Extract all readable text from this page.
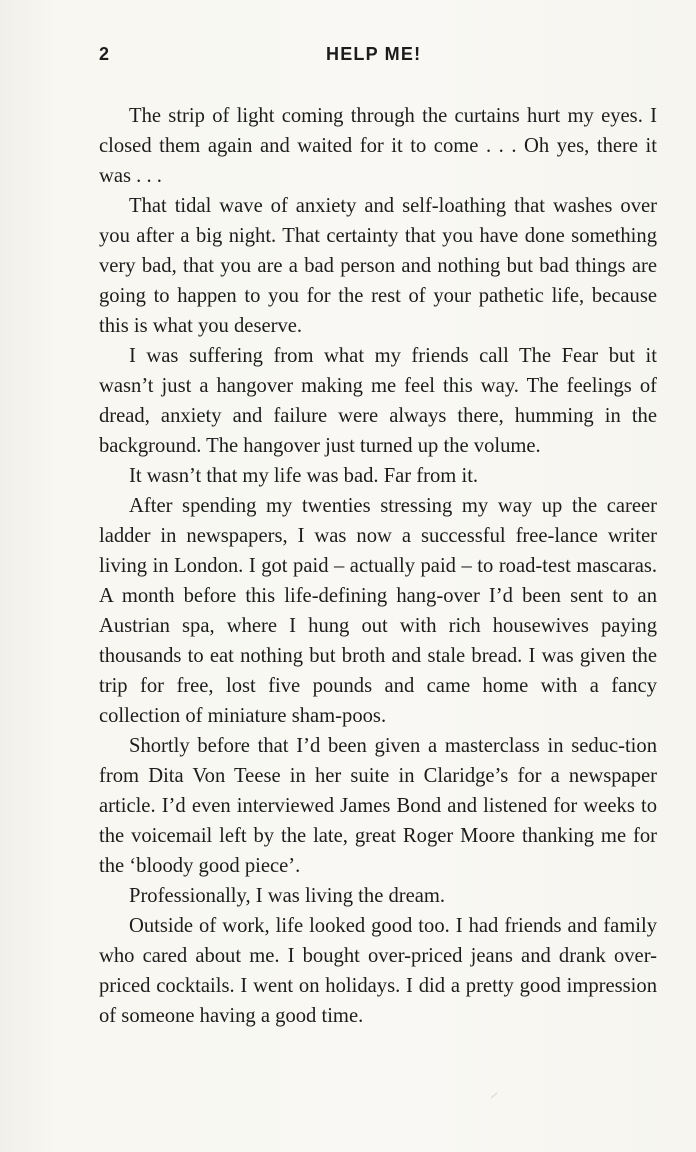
2	HELP ME!

The strip of light coming through the curtains hurt my eyes. I closed them again and waited for it to come . . . Oh yes, there it was . . .

That tidal wave of anxiety and self-loathing that washes over you after a big night. That certainty that you have done something very bad, that you are a bad person and nothing but bad things are going to happen to you for the rest of your pathetic life, because this is what you deserve.

I was suffering from what my friends call The Fear but it wasn’t just a hangover making me feel this way. The feelings of dread, anxiety and failure were always there, humming in the background. The hangover just turned up the volume.

It wasn’t that my life was bad. Far from it.

After spending my twenties stressing my way up the career ladder in newspapers, I was now a successful free-lance writer living in London. I got paid – actually paid – to road-test mascaras. A month before this life-defining hang-over I’d been sent to an Austrian spa, where I hung out with rich housewives paying thousands to eat nothing but broth and stale bread. I was given the trip for free, lost five pounds and came home with a fancy collection of miniature sham-poos.

Shortly before that I’d been given a masterclass in seduc-tion from Dita Von Teese in her suite in Claridge’s for a newspaper article. I’d even interviewed James Bond and listened for weeks to the voicemail left by the late, great Roger Moore thanking me for the ‘bloody good piece’.

Professionally, I was living the dream.

Outside of work, life looked good too. I had friends and family who cared about me. I bought over-priced jeans and drank over-priced cocktails. I went on holidays. I did a pretty good impression of someone having a good time.
